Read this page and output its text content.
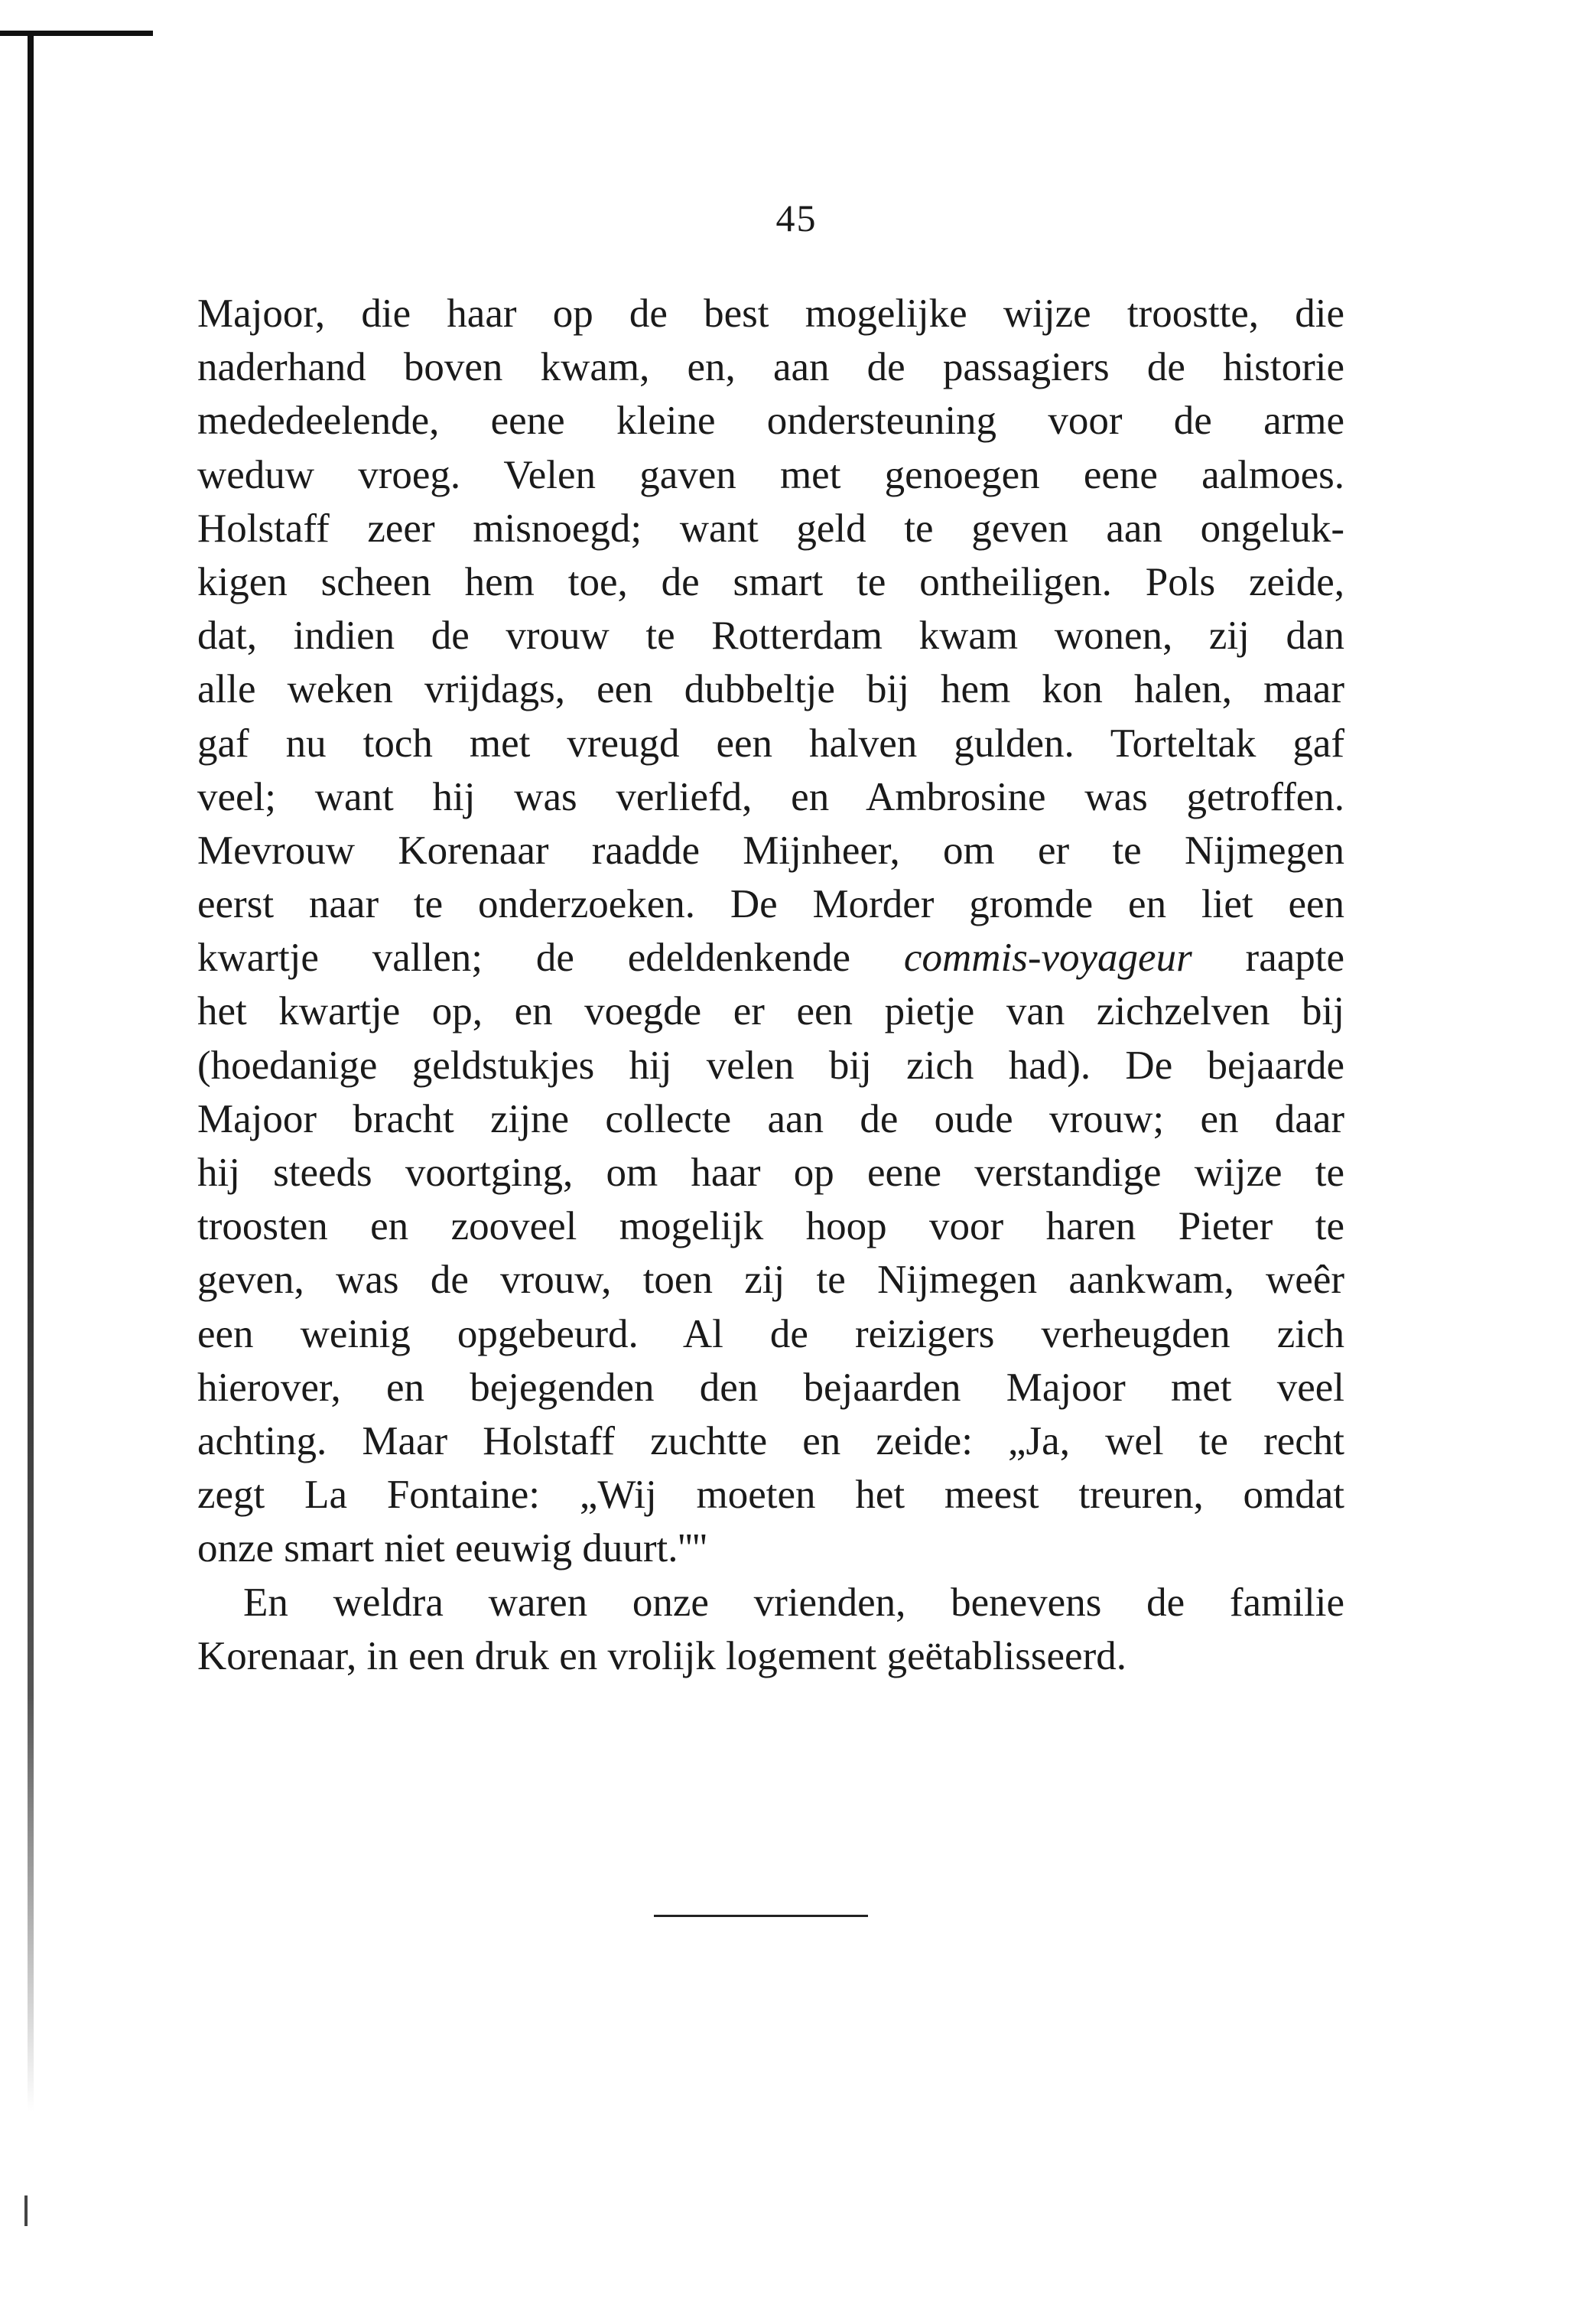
45
Majoor, die haar op de best mogelijke wijze troostte, die
naderhand boven kwam, en, aan de passagiers de historie
mededeelende, eene kleine ondersteuning voor de arme
weduw vroeg. Velen gaven met genoegen eene aalmoes.
Holstaff zeer misnoegd; want geld te geven aan ongeluk-
kigen scheen hem toe, de smart te ontheiligen. Pols zeide,
dat, indien de vrouw te Rotterdam kwam wonen, zij dan
alle weken vrijdags, een dubbeltje bij hem kon halen, maar
gaf nu toch met vreugd een halven gulden. Torteltak gaf
veel; want hij was verliefd, en Ambrosine was getroffen.
Mevrouw Korenaar raadde Mijnheer, om er te Nijmegen
eerst naar te onderzoeken. De Morder gromde en liet een
kwartje vallen; de edeldenkende commis-voyageur raapte
het kwartje op, en voegde er een pietje van zichzelven bij
(hoedanige geldstukjes hij velen bij zich had). De bejaarde
Majoor bracht zijne collecte aan de oude vrouw; en daar
hij steeds voortging, om haar op eene verstandige wijze te
troosten en zooveel mogelijk hoop voor haren Pieter te
geven, was de vrouw, toen zij te Nijmegen aankwam, weêr
een weinig opgebeurd. Al de reizigers verheugden zich
hierover, en bejegenden den bejaarden Majoor met veel
achting. Maar Holstaff zuchtte en zeide: „Ja, wel te recht
zegt La Fontaine: „Wij moeten het meest treuren, omdat
onze smart niet eeuwig duurt.''''
En weldra waren onze vrienden, benevens de familie
Korenaar, in een druk en vrolijk logement geëtablisseerd.
